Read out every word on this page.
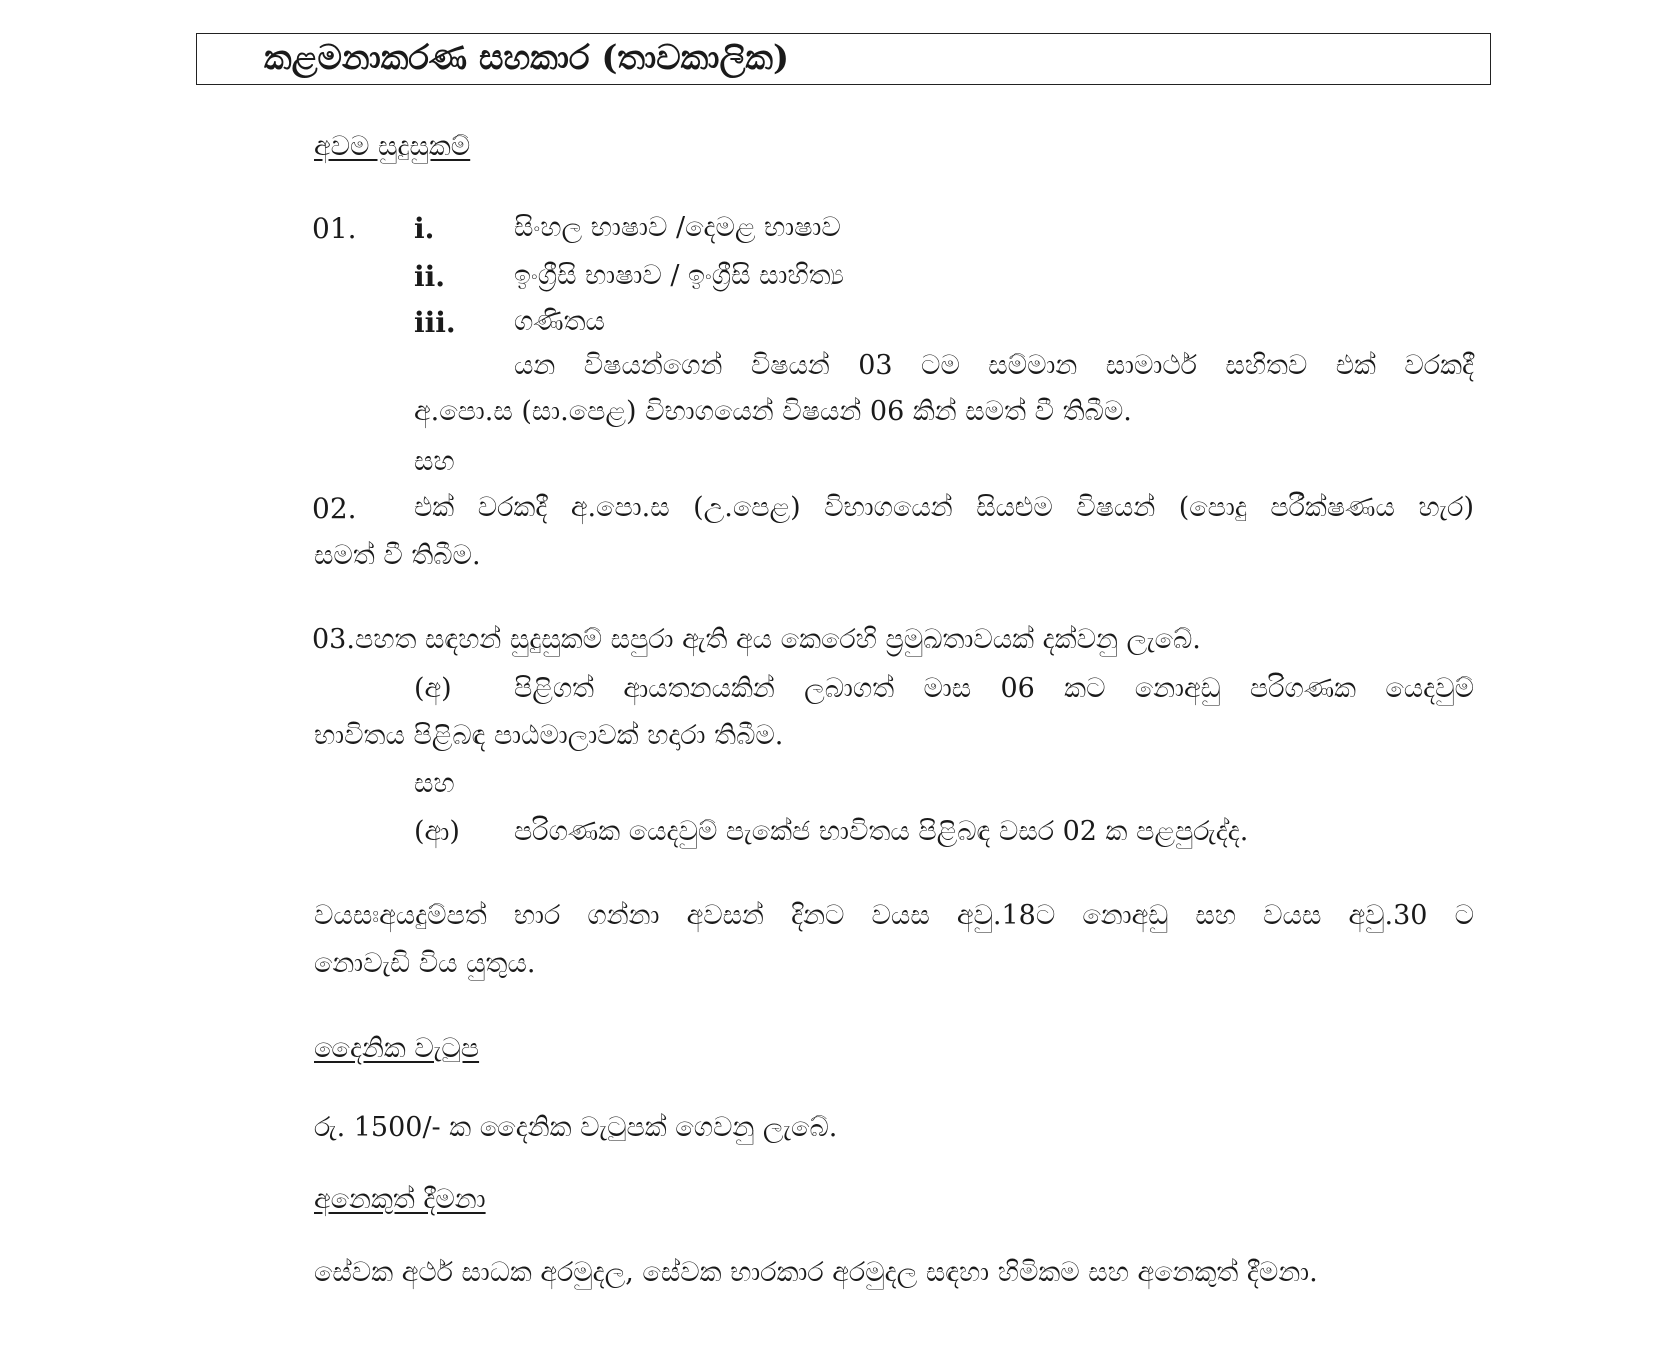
කළමනාකරණ සහකාර (තාවකාලික)
අවම සුදුසුකම්
01. i.	සිංහල භාෂාව /දෙමළ භාෂාව
ii.	ඉංග්‍රීසි භාෂාව / ඉංග්‍රීසි සාහිත්‍ය
iii. ගණිතය
යන විෂයන්ගෙන් විෂයන් 03 ටම සම්මාන සාමාර්ථ සහිතව එක් වරකදී
අ.පො.ස (සා.පෙළ) විභාගයෙන් විෂයන් 06 කින් සමත් වී තිබීම.
සහ
02. එක් වරකදී අ.පො.ස (උ.පෙළ) විභාගයෙන් සියළුම විෂයන් (පොදු පරීක්ෂණය හැර)
සමත් වී තිබීම.
03.පහත සඳහන් සුදුසුකම් සපුරා ඇති අය කෙරෙහි ප්‍රමුඛතාවයක් දක්වනු ලැබේ.
(අ) පිළිගත් ආයතනයකින් ලබාගත් මාස 06 කට නොඅඩු පරිගණක යෙදවුම්
භාවිතය පිළිබඳ පාඨමාලාවක් හදාරා තිබීම.
සහ
(ආ) පරිගණක යෙදවුම් පැකේජ භාවිතය පිළිබඳ වසර 02 ක පළපුරුද්ද.
වයසඃඅයදුම්පත් භාර ගන්නා අවසන් දිනට වයස අවු.18ට නොඅඩු සහ වයස අවු.30 ට
නොවැඩි විය යුතුය.
දෛනික වැටුප
රු. 1500/- ක දෛනික වැටුපක් ගෙවනු ලැබේ.
අනෙකුත් දීමනා
සේවක අර්ථ සාධක අරමුදල, සේවක භාරකාර අරමුදල සඳහා හිමිකම සහ අනෙකුත් දීමනා.
